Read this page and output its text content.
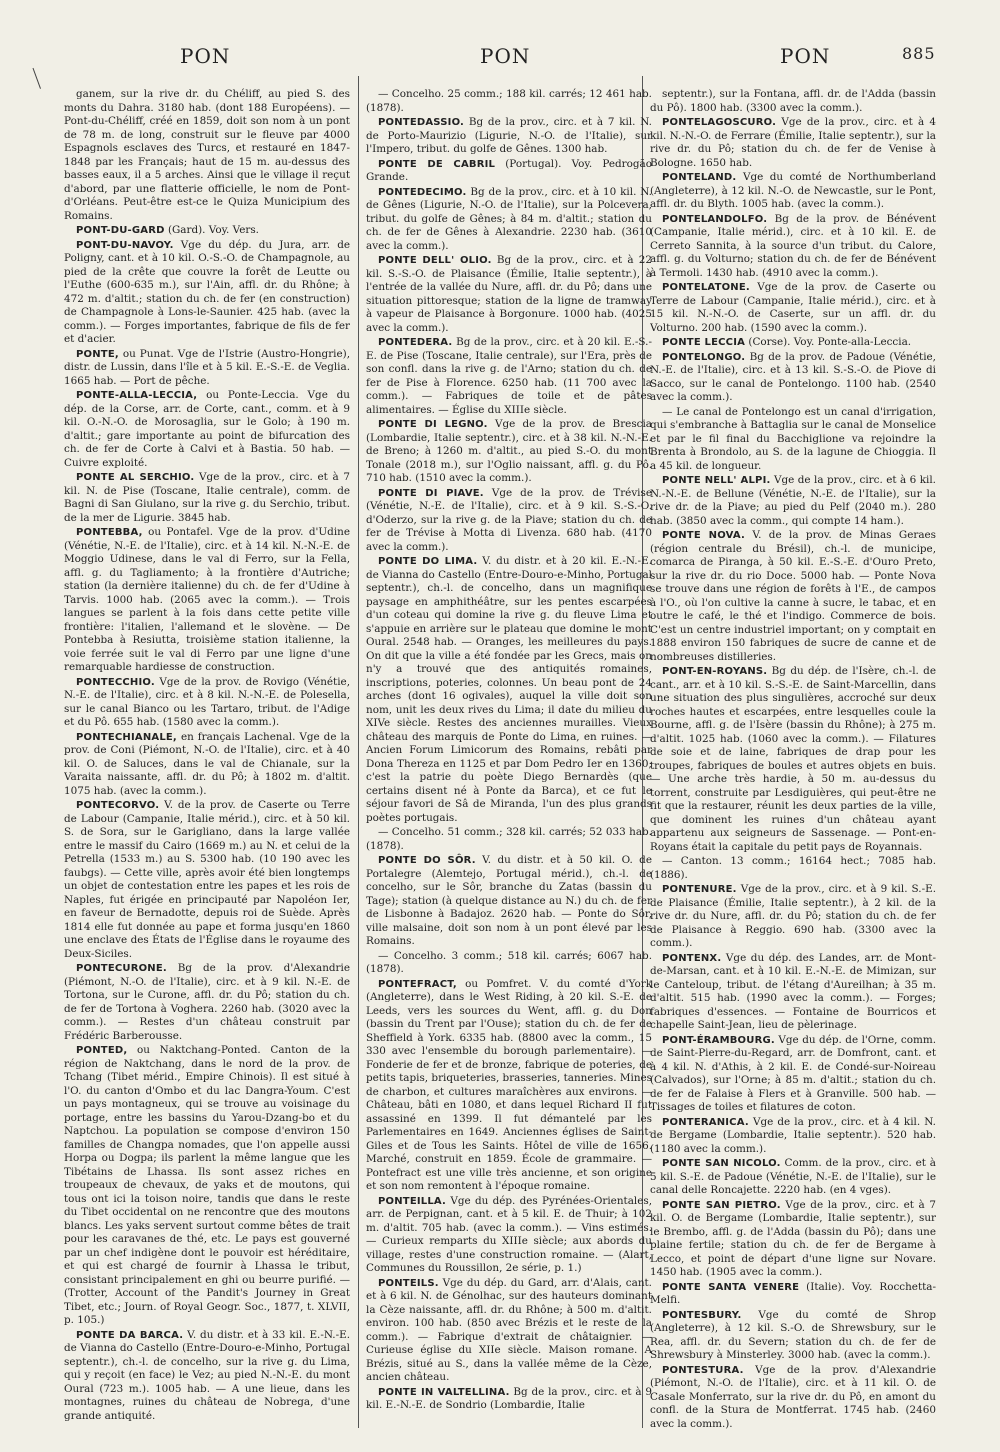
PON	PON	PON	885

ganem, sur la rive dr. du Chéliff, au pied S. des monts du Dahra. 3180 hab. (dont 188 Européens). — Pont-du-Chéliff, créé en 1859, doit son nom à un pont de 78 m. de long, construit sur le fleuve par 4000 Espagnols esclaves des Turcs, et restauré en 1847-1848 par les Français; haut de 15 m. au-dessus des basses eaux, il a 5 arches. Ainsi que le village il reçut d'abord, par une flatterie officielle, le nom de Pont-d'Orléans. Peut-être est-ce le Quiza Municipium des Romains.

PONT-DU-GARD (Gard). Voy. Vers.

PONT-DU-NAVOY. Vge du dép. du Jura, arr. de Poligny, cant. et à 10 kil. O.-S.-O. de Champagnole, au pied de la crête que couvre la forêt de Leutte ou l'Euthe (600-635 m.), sur l'Ain, affl. dr. du Rhône; à 472 m. d'altit.; station du ch. de fer (en construction) de Champagnole à Lons-le-Saunier. 425 hab. (avec la comm.). — Forges importantes, fabrique de fils de fer et d'acier.

PONTE, ou Punat. Vge de l'Istrie (Austro-Hongrie), distr. de Lussin, dans l'île et à 5 kil. E.-S.-E. de Veglia. 1665 hab. — Port de pêche.

PONTE-ALLA-LECCIA, ou Ponte-Leccia. Vge du dép. de la Corse, arr. de Corte, cant., comm. et à 9 kil. O.-N.-O. de Morosaglia, sur le Golo; à 190 m. d'altit.; gare importante au point de bifurcation des ch. de fer de Corte à Calvi et à Bastia. 50 hab. — Cuivre exploité.

PONTE AL SERCHIO. Vge de la prov., circ. et à 7 kil. N. de Pise (Toscane, Italie centrale), comm. de Bagni di San Giulano, sur la rive g. du Serchio, tribut. de la mer de Ligurie. 3845 hab.

PONTEBBA, ou Pontafel. Vge de la prov. d'Udine (Vénétie, N.-E. de l'Italie), circ. et à 14 kil. N.-N.-E. de Moggio Udinese, dans le val di Ferro, sur la Fella, affl. g. du Tagliamento; à la frontière d'Autriche; station (la dernière italienne) du ch. de fer d'Udine à Tarvis. 1000 hab. (2065 avec la comm.). — Trois langues se parlent à la fois dans cette petite ville frontière: l'italien, l'allemand et le slovène. — De Pontebba à Resiutta, troisième station italienne, la voie ferrée suit le val di Ferro par une ligne d'une remarquable hardiesse de construction.

PONTECCHIO. Vge de la prov. de Rovigo (Vénétie, N.-E. de l'Italie), circ. et à 8 kil. N.-N.-E. de Polesella, sur le canal Bianco ou les Tartaro, tribut. de l'Adige et du Pô. 655 hab. (1580 avec la comm.).

PONTECHIANALE, en français Lachenal. Vge de la prov. de Coni (Piémont, N.-O. de l'Italie), circ. et à 40 kil. O. de Saluces, dans le val de Chianale, sur la Varaita naissante, affl. dr. du Pô; à 1802 m. d'altit. 1075 hab. (avec la comm.).

PONTECORVO. V. de la prov. de Caserte ou Terre de Labour (Campanie, Italie mérid.), circ. et à 50 kil. S. de Sora, sur le Garigliano, dans la large vallée entre le massif du Cairo (1669 m.) au N. et celui de la Petrella (1533 m.) au S. 5300 hab. (10 190 avec les faubgs). — Cette ville, après avoir été bien longtemps un objet de contestation entre les papes et les rois de Naples, fut érigée en principauté par Napoléon Ier, en faveur de Bernadotte, depuis roi de Suède. Après 1814 elle fut donnée au pape et forma jusqu'en 1860 une enclave des États de l'Église dans le royaume des Deux-Siciles.

PONTECURONE. Bg de la prov. d'Alexandrie (Piémont, N.-O. de l'Italie), circ. et à 9 kil. N.-E. de Tortona, sur le Curone, affl. dr. du Pô; station du ch. de fer de Tortona à Voghera. 2260 hab. (3020 avec la comm.). — Restes d'un château construit par Frédéric Barberousse.

PONTED, ou Naktchang-Ponted. Canton de la région de Naktchang, dans le nord de la prov. de Tchang (Tibet mérid., Empire Chinois). Il est situé à l'O. du canton d'Ombo et du lac Dangra-Youm. C'est un pays montagneux, qui se trouve au voisinage du portage, entre les bassins du Yarou-Dzang-bo et du Naptchou. La population se compose d'environ 150 familles de Changpa nomades, que l'on appelle aussi Horpa ou Dogpa; ils parlent la même langue que les Tibétains de Lhassa. Ils sont assez riches en troupeaux de chevaux, de yaks et de moutons, qui tous ont ici la toison noire, tandis que dans le reste du Tibet occidental on ne rencontre que des moutons blancs. Les yaks servent surtout comme bêtes de trait pour les caravanes de thé, etc. Le pays est gouverné par un chef indigène dont le pouvoir est héréditaire, et qui est chargé de fournir à Lhassa le tribut, consistant principalement en ghi ou beurre purifié. — (Trotter, Account of the Pandit's Journey in Great Tibet, etc.; Journ. of Royal Geogr. Soc., 1877, t. XLVII, p. 105.)

PONTE DA BARCA. V. du distr. et à 33 kil. E.-N.-E. de Vianna do Castello (Entre-Douro-e-Minho, Portugal septentr.), ch.-l. de concelho, sur la rive g. du Lima, qui y reçoit (en face) le Vez; au pied N.-N.-E. du mont Oural (723 m.). 1005 hab. — A une lieue, dans les montagnes, ruines du château de Nobrega, d'une grande antiquité.

— Concelho. 25 comm.; 188 kil. carrés; 12 461 hab. (1878).

PONTEDASSIO. Bg de la prov., circ. et à 7 kil. N. de Porto-Maurizio (Ligurie, N.-O. de l'Italie), sur l'Impero, tribut. du golfe de Gênes. 1300 hab.

PONTE DE CABRIL (Portugal). Voy. Pedrogão Grande.

PONTEDECIMO. Bg de la prov., circ. et à 10 kil. N. de Gênes (Ligurie, N.-O. de l'Italie), sur la Polcevera, tribut. du golfe de Gênes; à 84 m. d'altit.; station du ch. de fer de Gênes à Alexandrie. 2230 hab. (3610 avec la comm.).

PONTE DELL' OLIO. Bg de la prov., circ. et à 22 kil. S.-S.-O. de Plaisance (Émilie, Italie septentr.), à l'entrée de la vallée du Nure, affl. dr. du Pô; dans une situation pittoresque; station de la ligne de tramway à vapeur de Plaisance à Borgonure. 1000 hab. (4025 avec la comm.).

PONTEDERA. Bg de la prov., circ. et à 20 kil. E.-S.-E. de Pise (Toscane, Italie centrale), sur l'Era, près de son confl. dans la rive g. de l'Arno; station du ch. de fer de Pise à Florence. 6250 hab. (11 700 avec la comm.). — Fabriques de toile et de pâtes alimentaires. — Église du XIIIe siècle.

PONTE DI LEGNO. Vge de la prov. de Brescia (Lombardie, Italie septentr.), circ. et à 38 kil. N.-N.-E. de Breno; à 1260 m. d'altit., au pied S.-O. du mont Tonale (2018 m.), sur l'Oglio naissant, affl. g. du Pô. 710 hab. (1510 avec la comm.).

PONTE DI PIAVE. Vge de la prov. de Trévise (Vénétie, N.-E. de l'Italie), circ. et à 9 kil. S.-S.-O. d'Oderzo, sur la rive g. de la Piave; station du ch. de fer de Trévise à Motta di Livenza. 680 hab. (4170 avec la comm.).

PONTE DO LIMA. V. du distr. et à 20 kil. E.-N.-E. de Vianna do Castello (Entre-Douro-e-Minho, Portugal septentr.), ch.-l. de concelho, dans un magnifique paysage en amphithéâtre, sur les pentes escarpées d'un coteau qui domine la rive g. du fleuve Lima et s'appuie en arrière sur le plateau que domine le mont Oural. 2548 hab. — Oranges, les meilleures du pays. On dit que la ville a été fondée par les Grecs, mais on n'y a trouvé que des antiquités romaines, inscriptions, poteries, colonnes. Un beau pont de 24 arches (dont 16 ogivales), auquel la ville doit son nom, unit les deux rives du Lima; il date du milieu du XIVe siècle. Restes des anciennes murailles. Vieux château des marquis de Ponte do Lima, en ruines. — Ancien Forum Limicorum des Romains, rebâti par Dona Thereza en 1125 et par Dom Pedro Ier en 1360; c'est la patrie du poète Diego Bernardès (que certains disent né à Ponte da Barca), et ce fut le séjour favori de Sâ de Miranda, l'un des plus grands poètes portugais.

— Concelho. 51 comm.; 328 kil. carrés; 52 033 hab. (1878).

PONTE DO SÔR. V. du distr. et à 50 kil. O. de Portalegre (Alemtejo, Portugal mérid.), ch.-l. de concelho, sur le Sôr, branche du Zatas (bassin du Tage); station (à quelque distance au N.) du ch. de fer de Lisbonne à Badajoz. 2620 hab. — Ponte do Sôr, ville malsaine, doit son nom à un pont élevé par les Romains.

— Concelho. 3 comm.; 518 kil. carrés; 6067 hab. (1878).

PONTEFRACT, ou Pomfret. V. du comté d'York (Angleterre), dans le West Riding, à 20 kil. S.-E. de Leeds, vers les sources du Went, affl. g. du Don (bassin du Trent par l'Ouse); station du ch. de fer de Sheffield à York. 6335 hab. (8800 avec la comm., 15 330 avec l'ensemble du borough parlementaire). — Fonderie de fer et de bronze, fabrique de poteries, de petits tapis, briqueteries, brasseries, tanneries. Mines de charbon, et cultures maraîchères aux environs. — Château, bâti en 1080, et dans lequel Richard II fut assassiné en 1399. Il fut démantelé par les Parlementaires en 1649. Anciennes églises de Saint-Giles et de Tous les Saints. Hôtel de ville de 1656. Marché, construit en 1859. École de grammaire. — Pontefract est une ville très ancienne, et son origine et son nom remontent à l'époque romaine.

PONTEILLA. Vge du dép. des Pyrénées-Orientales, arr. de Perpignan, cant. et à 5 kil. E. de Thuir; à 102 m. d'altit. 705 hab. (avec la comm.). — Vins estimés. — Curieux remparts du XIIIe siècle; aux abords du village, restes d'une construction romaine. — (Alart, Communes du Roussillon, 2e série, p. 1.)

PONTEILS. Vge du dép. du Gard, arr. d'Alais, cant. et à 6 kil. N. de Génolhac, sur des hauteurs dominant la Cèze naissante, affl. dr. du Rhône; à 500 m. d'altit. environ. 100 hab. (850 avec Brézis et le reste de la comm.). — Fabrique d'extrait de châtaignier. — Curieuse église du XIIe siècle. Maison romane. A Brézis, situé au S., dans la vallée même de la Cèze, ancien château.

PONTE IN VALTELLINA. Bg de la prov., circ. et à 9 kil. E.-N.-E. de Sondrio (Lombardie, Italie

septentr.), sur la Fontana, affl. dr. de l'Adda (bassin du Pô). 1800 hab. (3300 avec la comm.).

PONTELAGOSCURO. Vge de la prov., circ. et à 4 kil. N.-N.-O. de Ferrare (Émilie, Italie septentr.), sur la rive dr. du Pô; station du ch. de fer de Venise à Bologne. 1650 hab.

PONTELAND. Vge du comté de Northumberland (Angleterre), à 12 kil. N.-O. de Newcastle, sur le Pont, affl. dr. du Blyth. 1005 hab. (avec la comm.).

PONTELANDOLFO. Bg de la prov. de Bénévent (Campanie, Italie mérid.), circ. et à 10 kil. E. de Cerreto Sannita, à la source d'un tribut. du Calore, affl. g. du Volturno; station du ch. de fer de Bénévent à Termoli. 1430 hab. (4910 avec la comm.).

PONTELATONE. Vge de la prov. de Caserte ou Terre de Labour (Campanie, Italie mérid.), circ. et à 15 kil. N.-N.-O. de Caserte, sur un affl. dr. du Volturno. 200 hab. (1590 avec la comm.).

PONTE LECCIA (Corse). Voy. Ponte-alla-Leccia.

PONTELONGO. Bg de la prov. de Padoue (Vénétie, N.-E. de l'Italie), circ. et à 13 kil. S.-S.-O. de Piove di Sacco, sur le canal de Pontelongo. 1100 hab. (2540 avec la comm.).

— Le canal de Pontelongo est un canal d'irrigation, qui s'embranche à Battaglia sur le canal de Monselice et par le fil final du Bacchiglione va rejoindre la Brenta à Brondolo, au S. de la lagune de Chioggia. Il a 45 kil. de longueur.

PONTE NELL' ALPI. Vge de la prov., circ. et à 6 kil. N.-N.-E. de Bellune (Vénétie, N.-E. de l'Italie), sur la rive dr. de la Piave; au pied du Pelf (2040 m.). 280 hab. (3850 avec la comm., qui compte 14 ham.).

PONTE NOVA. V. de la prov. de Minas Geraes (région centrale du Brésil), ch.-l. de municipe, comarca de Piranga, à 50 kil. E.-S.-E. d'Ouro Preto, sur la rive dr. du rio Doce. 5000 hab. — Ponte Nova se trouve dans une région de forêts à l'E., de campos à l'O., où l'on cultive la canne à sucre, le tabac, et en outre le café, le thé et l'indigo. Commerce de bois. C'est un centre industriel important; on y comptait en 1888 environ 150 fabriques de sucre de canne et de nombreuses distilleries.

PONT-EN-ROYANS. Bg du dép. de l'Isère, ch.-l. de cant., arr. et à 10 kil. S.-S.-E. de Saint-Marcellin, dans une situation des plus singulières, accroché sur deux roches hautes et escarpées, entre lesquelles coule la Bourne, affl. g. de l'Isère (bassin du Rhône); à 275 m. d'altit. 1025 hab. (1060 avec la comm.). — Filatures de soie et de laine, fabriques de drap pour les troupes, fabriques de boules et autres objets en buis. — Une arche très hardie, à 50 m. au-dessus du torrent, construite par Lesdiguières, qui peut-être ne fit que la restaurer, réunit les deux parties de la ville, que dominent les ruines d'un château ayant appartenu aux seigneurs de Sassenage. — Pont-en-Royans était la capitale du petit pays de Royannais.

— Canton. 13 comm.; 16164 hect.; 7085 hab. (1886).

PONTENURE. Vge de la prov., circ. et à 9 kil. S.-E. de Plaisance (Émilie, Italie septentr.), à 2 kil. de la rive dr. du Nure, affl. dr. du Pô; station du ch. de fer de Plaisance à Reggio. 690 hab. (3300 avec la comm.).

PONTENX. Vge du dép. des Landes, arr. de Mont-de-Marsan, cant. et à 10 kil. E.-N.-E. de Mimizan, sur le Canteloup, tribut. de l'étang d'Aureilhan; à 35 m. d'altit. 515 hab. (1990 avec la comm.). — Forges; fabriques d'essences. — Fontaine de Bourricos et chapelle Saint-Jean, lieu de pèlerinage.

PONT-ÉRAMBOURG. Vge du dép. de l'Orne, comm. de Saint-Pierre-du-Regard, arr. de Domfront, cant. et à 4 kil. N. d'Athis, à 2 kil. E. de Condé-sur-Noireau (Calvados), sur l'Orne; à 85 m. d'altit.; station du ch. de fer de Falaise à Flers et à Granville. 500 hab. — Tissages de toiles et filatures de coton.

PONTERANICA. Vge de la prov., circ. et à 4 kil. N. de Bergame (Lombardie, Italie septentr.). 520 hab. (1180 avec la comm.).

PONTE SAN NICOLO. Comm. de la prov., circ. et à 5 kil. S.-E. de Padoue (Vénétie, N.-E. de l'Italie), sur le canal delle Roncajette. 2220 hab. (en 4 vges).

PONTE SAN PIETRO. Vge de la prov., circ. et à 7 kil. O. de Bergame (Lombardie, Italie septentr.), sur le Brembo, affl. g. de l'Adda (bassin du Pô); dans une plaine fertile; station du ch. de fer de Bergame à Lecco, et point de départ d'une ligne sur Novare. 1450 hab. (1905 avec la comm.).

PONTE SANTA VENERE (Italie). Voy. Rocchetta-Melfi.

PONTESBURY. Vge du comté de Shrop (Angleterre), à 12 kil. S.-O. de Shrewsbury, sur le Rea, affl. dr. du Severn; station du ch. de fer de Shrewsbury à Minsterley. 3000 hab. (avec la comm.).

PONTESTURA. Vge de la prov. d'Alexandrie (Piémont, N.-O. de l'Italie), circ. et à 11 kil. O. de Casale Monferrato, sur la rive dr. du Pô, en amont du confl. de la Stura de Montferrat. 1745 hab. (2460 avec la comm.).
